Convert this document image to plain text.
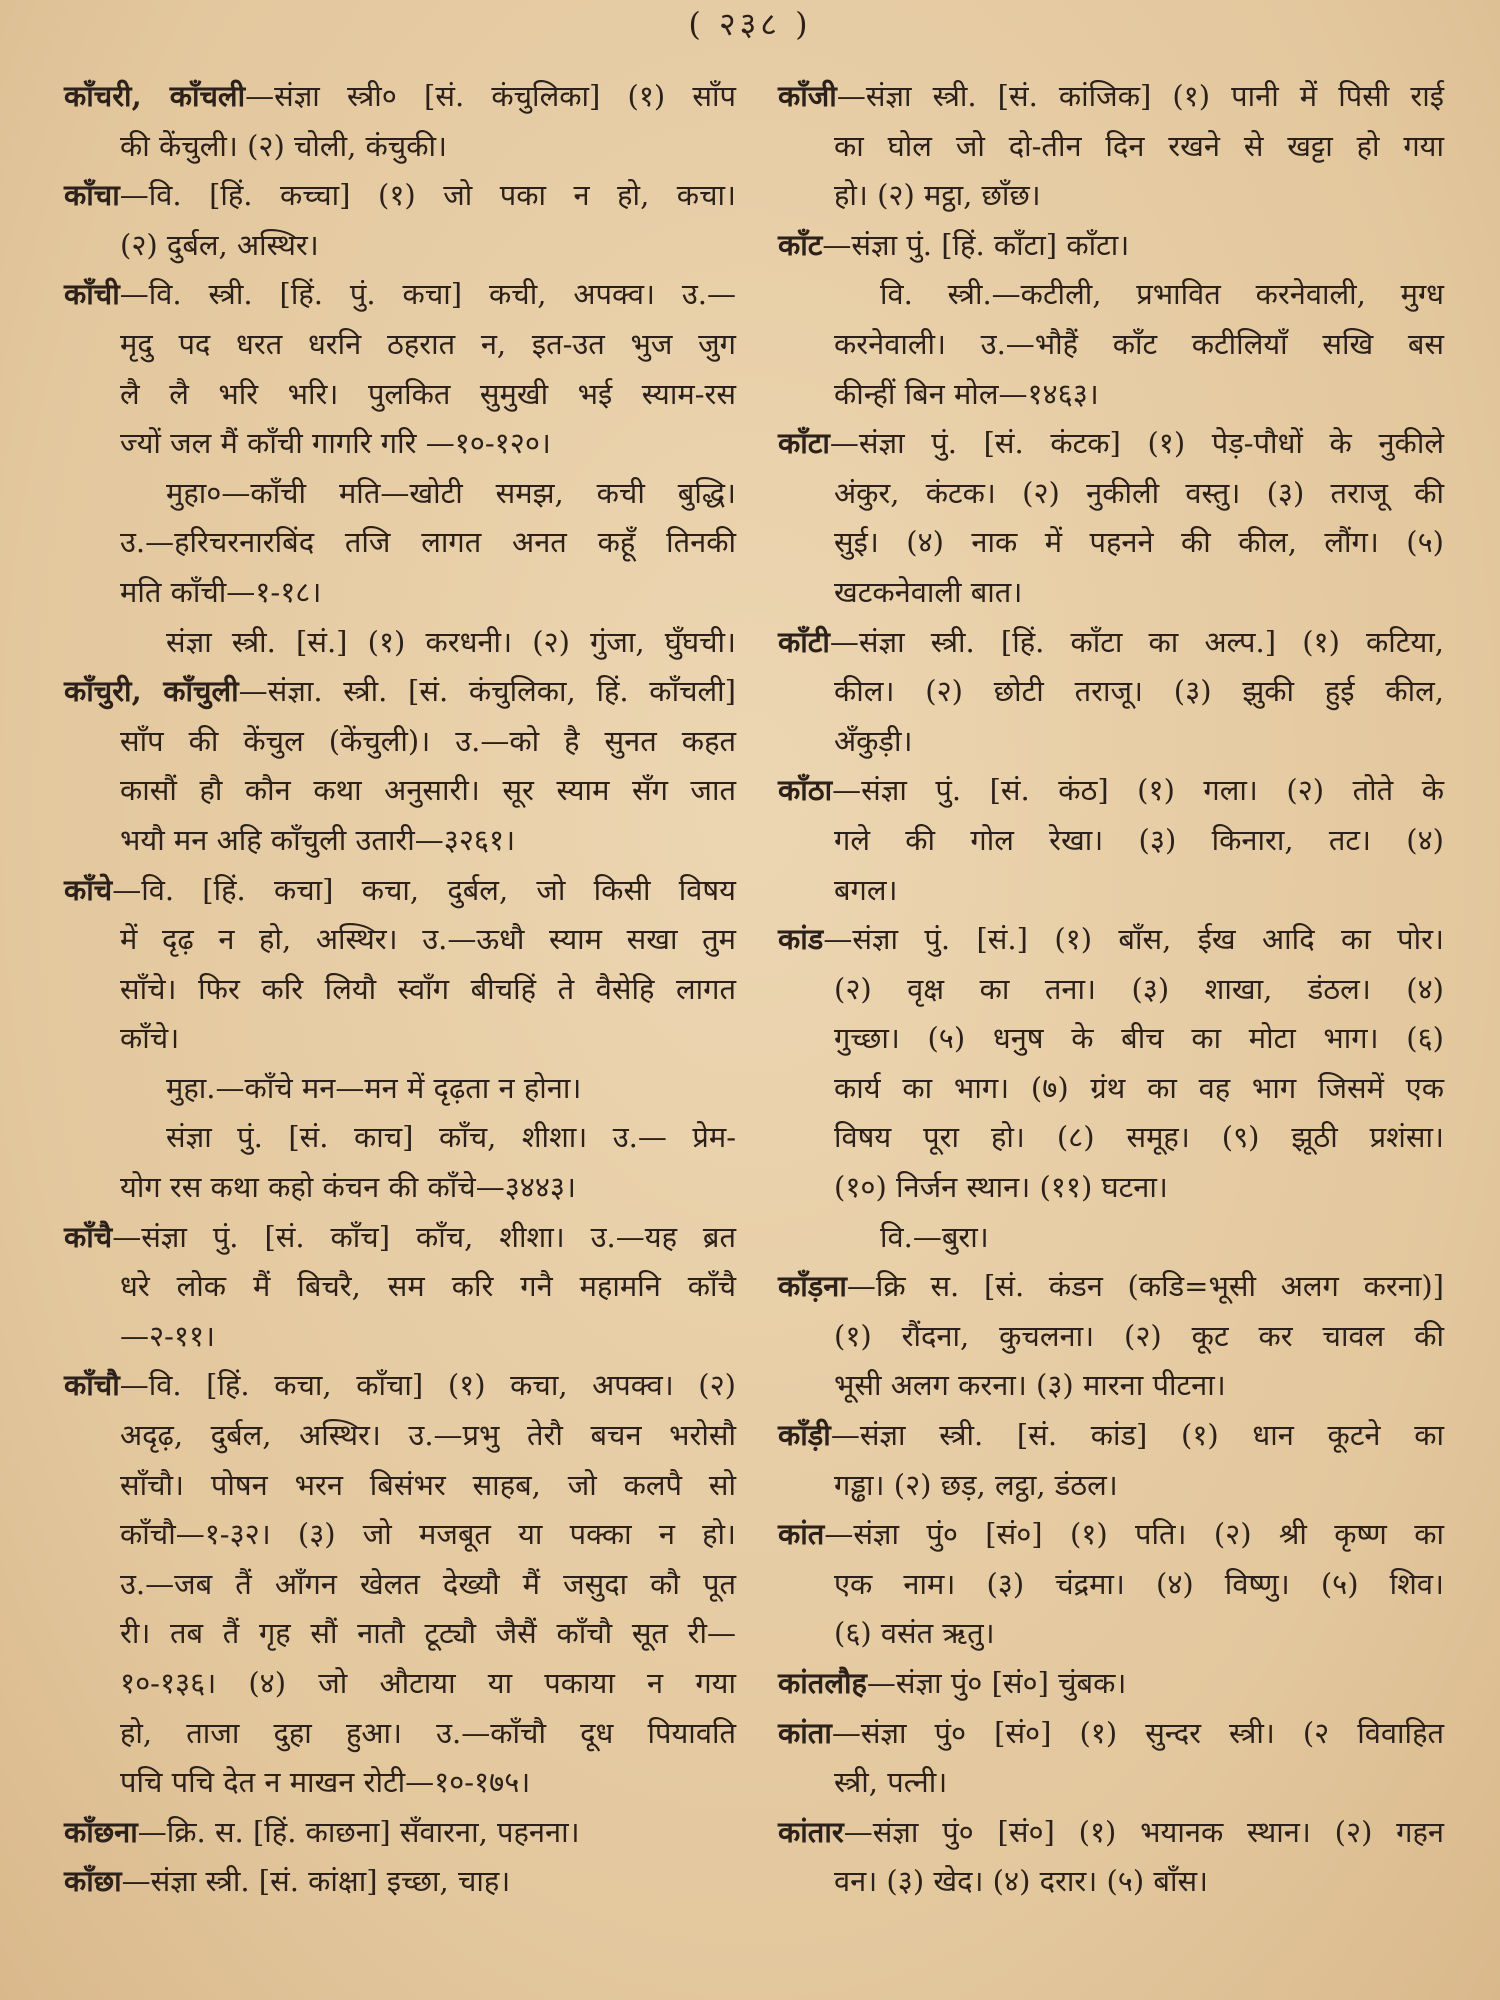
( २३८ )
काँचरी, काँचली—संज्ञा स्त्री० [सं. कंचुलिका] (१) साँप
की केंचुली। (२) चोली, कंचुकी।
काँचा—वि. [हिं. कच्चा] (१) जो पका न हो, कचा।
(२) दुर्बल, अस्थिर।
काँची—वि. स्त्री. [हिं. पुं. कचा] कची, अपक्व। उ.—
मृदु पद धरत धरनि ठहरात न, इत-उत भुज जुग
लै लै भरि भरि। पुलकित सुमुखी भई स्याम-रस
ज्यों जल मैं काँची गागरि गरि —१०-१२०।
मुहा०—काँची मति—खोटी समझ, कची बुद्धि।
उ.—हरिचरनारबिंद तजि लागत अनत कहूँ तिनकी
मति काँची—१-१८।
संज्ञा स्त्री. [सं.] (१) करधनी। (२) गुंजा, घुँघची।
काँचुरी, काँचुली—संज्ञा. स्त्री. [सं. कंचुलिका, हिं. काँचली]
साँप की केंचुल (केंचुली)। उ.—को है सुनत कहत
कासौं हौ कौन कथा अनुसारी। सूर स्याम सँग जात
भयौ मन अहि काँचुली उतारी—३२६१।
काँचे—वि. [हिं. कचा] कचा, दुर्बल, जो किसी विषय
में दृढ़ न हो, अस्थिर। उ.—ऊधौ स्याम सखा तुम
साँचे। फिर करि लियौ स्वाँग बीचहिं ते वैसेहि लागत
काँचे।
मुहा.—काँचे मन—मन में दृढ़ता न होना।
संज्ञा पुं. [सं. काच] काँच, शीशा। उ.— प्रेम-
योग रस कथा कहो कंचन की काँचे—३४४३।
काँचै—संज्ञा पुं. [सं. काँच] काँच, शीशा। उ.—यह ब्रत
धरे लोक मैं बिचरै, सम करि गनै महामनि काँचै
—२-११।
काँचौ—वि. [हिं. कचा, काँचा] (१) कचा, अपक्व। (२)
अदृढ़, दुर्बल, अस्थिर। उ.—प्रभु तेरौ बचन भरोसौ
साँचौ। पोषन भरन बिसंभर साहब, जो कलपै सो
काँचौ—१-३२। (३) जो मजबूत या पक्का न हो।
उ.—जब तैं आँगन खेलत देख्यौ मैं जसुदा कौ पूत
री। तब तैं गृह सौं नातौ टूट्यौ जैसैं काँचौ सूत री—
१०-१३६। (४) जो औटाया या पकाया न गया
हो, ताजा दुहा हुआ। उ.—काँचौ दूध पियावति
पचि पचि देत न माखन रोटी—१०-१७५।
काँछना—क्रि. स. [हिं. काछना] सँवारना, पहनना।
काँछा—संज्ञा स्त्री. [सं. कांक्षा] इच्छा, चाह।
काँजी—संज्ञा स्त्री. [सं. कांजिक] (१) पानी में पिसी राई
का घोल जो दो-तीन दिन रखने से खट्टा हो गया
हो। (२) मट्ठा, छाँछ।
काँट—संज्ञा पुं. [हिं. काँटा] काँटा।
वि. स्त्री.—कटीली, प्रभावित करनेवाली, मुग्ध
करनेवाली। उ.—भौहैं काँट कटीलियाँ सखि बस
कीन्हीं बिन मोल—१४६३।
काँटा—संज्ञा पुं. [सं. कंटक] (१) पेड़-पौधों के नुकीले
अंकुर, कंटक। (२) नुकीली वस्तु। (३) तराजू की
सुई। (४) नाक में पहनने की कील, लौंग। (५)
खटकनेवाली बात।
काँटी—संज्ञा स्त्री. [हिं. काँटा का अल्प.] (१) कटिया,
कील। (२) छोटी तराजू। (३) झुकी हुई कील,
अँकुड़ी।
काँठा—संज्ञा पुं. [सं. कंठ] (१) गला। (२) तोते के
गले की गोल रेखा। (३) किनारा, तट। (४)
बगल।
कांड—संज्ञा पुं. [सं.] (१) बाँस, ईख आदि का पोर।
(२) वृक्ष का तना। (३) शाखा, डंठल। (४)
गुच्छा। (५) धनुष के बीच का मोटा भाग। (६)
कार्य का भाग। (७) ग्रंथ का वह भाग जिसमें एक
विषय पूरा हो। (८) समूह। (९) झूठी प्रशंसा।
(१०) निर्जन स्थान। (११) घटना।
वि.—बुरा।
काँड़ना—क्रि स. [सं. कंडन (कडि=भूसी अलग करना)]
(१) रौंदना, कुचलना। (२) कूट कर चावल की
भूसी अलग करना। (३) मारना पीटना।
काँड़ी—संज्ञा स्त्री. [सं. कांड] (१) धान कूटने का
गड्ढा। (२) छड़, लट्ठा, डंठल।
कांत—संज्ञा पुं० [सं०] (१) पति। (२) श्री कृष्ण का
एक नाम। (३) चंद्रमा। (४) विष्णु। (५) शिव।
(६) वसंत ऋतु।
कांतलौह—संज्ञा पुं० [सं०] चुंबक।
कांता—संज्ञा पुं० [सं०] (१) सुन्दर स्त्री। (२ विवाहित
स्त्री, पत्नी।
कांतार—संज्ञा पुं० [सं०] (१) भयानक स्थान। (२) गहन
वन। (३) खेद। (४) दरार। (५) बाँस।
